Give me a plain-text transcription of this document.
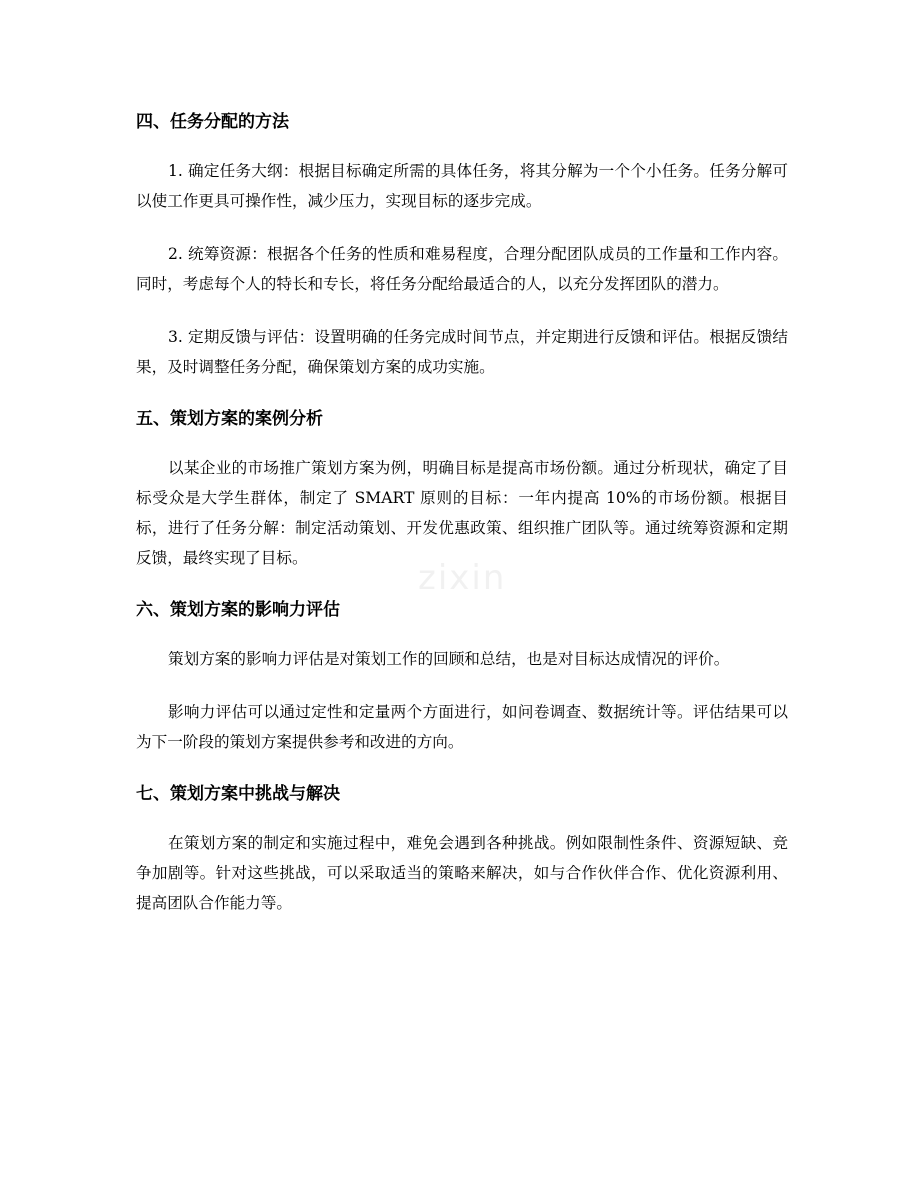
四、任务分配的方法

1. 确定任务大纲：根据目标确定所需的具体任务，将其分解为一个个小任务。任务分解可以使工作更具可操作性，减少压力，实现目标的逐步完成。

2. 统筹资源：根据各个任务的性质和难易程度，合理分配团队成员的工作量和工作内容。同时，考虑每个人的特长和专长，将任务分配给最适合的人，以充分发挥团队的潜力。

3. 定期反馈与评估：设置明确的任务完成时间节点，并定期进行反馈和评估。根据反馈结果，及时调整任务分配，确保策划方案的成功实施。

五、策划方案的案例分析

以某企业的市场推广策划方案为例，明确目标是提高市场份额。通过分析现状，确定了目标受众是大学生群体，制定了 SMART 原则的目标：一年内提高 10%的市场份额。根据目标，进行了任务分解：制定活动策划、开发优惠政策、组织推广团队等。通过统筹资源和定期反馈，最终实现了目标。

六、策划方案的影响力评估

策划方案的影响力评估是对策划工作的回顾和总结，也是对目标达成情况的评价。

影响力评估可以通过定性和定量两个方面进行，如问卷调查、数据统计等。评估结果可以为下一阶段的策划方案提供参考和改进的方向。

七、策划方案中挑战与解决

在策划方案的制定和实施过程中，难免会遇到各种挑战。例如限制性条件、资源短缺、竞争加剧等。针对这些挑战，可以采取适当的策略来解决，如与合作伙伴合作、优化资源利用、提高团队合作能力等。

zixin
